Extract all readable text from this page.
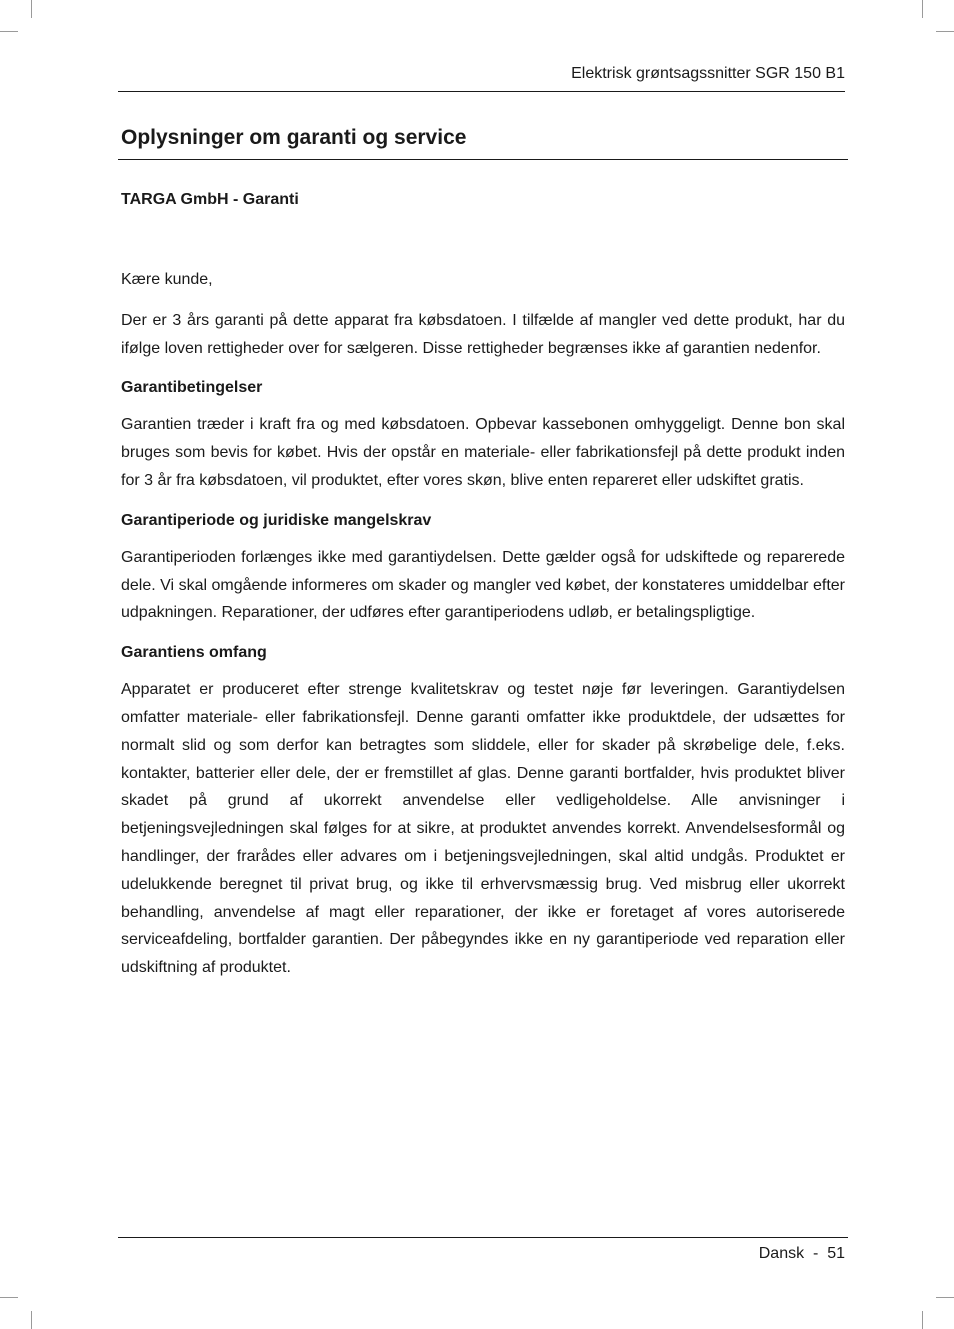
Elektrisk grøntsagssnitter SGR 150 B1
Oplysninger om garanti og service
TARGA GmbH - Garanti

Kære kunde,

Der er 3 års garanti på dette apparat fra købsdatoen. I tilfælde af mangler ved dette produkt, har du ifølge loven rettigheder over for sælgeren. Disse rettigheder begrænses ikke af garantien nedenfor.

Garantibetingelser

Garantien træder i kraft fra og med købsdatoen. Opbevar kassebonen omhyggeligt. Denne bon skal bruges som bevis for købet. Hvis der opstår en materiale- eller fabrikationsfejl på dette produkt inden for 3 år fra købsdatoen, vil produktet, efter vores skøn, blive enten repareret eller udskiftet gratis.

Garantiperiode og juridiske mangelskrav

Garantiperioden forlænges ikke med garantiydelsen. Dette gælder også for udskiftede og reparerede dele. Vi skal omgående informeres om skader og mangler ved købet, der konstateres umiddelbar efter udpakningen. Reparationer, der udføres efter garantiperiodens udløb, er betalingspligtige.

Garantiens omfang

Apparatet er produceret efter strenge kvalitetskrav og testet nøje før leveringen. Garantiydelsen omfatter materiale- eller fabrikationsfejl. Denne garanti omfatter ikke produktdele, der udsættes for normalt slid og som derfor kan betragtes som sliddele, eller for skader på skrøbelige dele, f.eks. kontakter, batterier eller dele, der er fremstillet af glas. Denne garanti bortfalder, hvis produktet bliver skadet på grund af ukorrekt anvendelse eller vedligeholdelse. Alle anvisninger i betjeningsvejledningen skal følges for at sikre, at produktet anvendes korrekt. Anvendelsesformål og handlinger, der frarådes eller advares om i betjeningsvejledningen, skal altid undgås. Produktet er udelukkende beregnet til privat brug, og ikke til erhvervsmæssig brug. Ved misbrug eller ukorrekt behandling, anvendelse af magt eller reparationer, der ikke er foretaget af vores autoriserede serviceafdeling, bortfalder garantien. Der påbegyndes ikke en ny garantiperiode ved reparation eller udskiftning af produktet.

Dansk  -  51
